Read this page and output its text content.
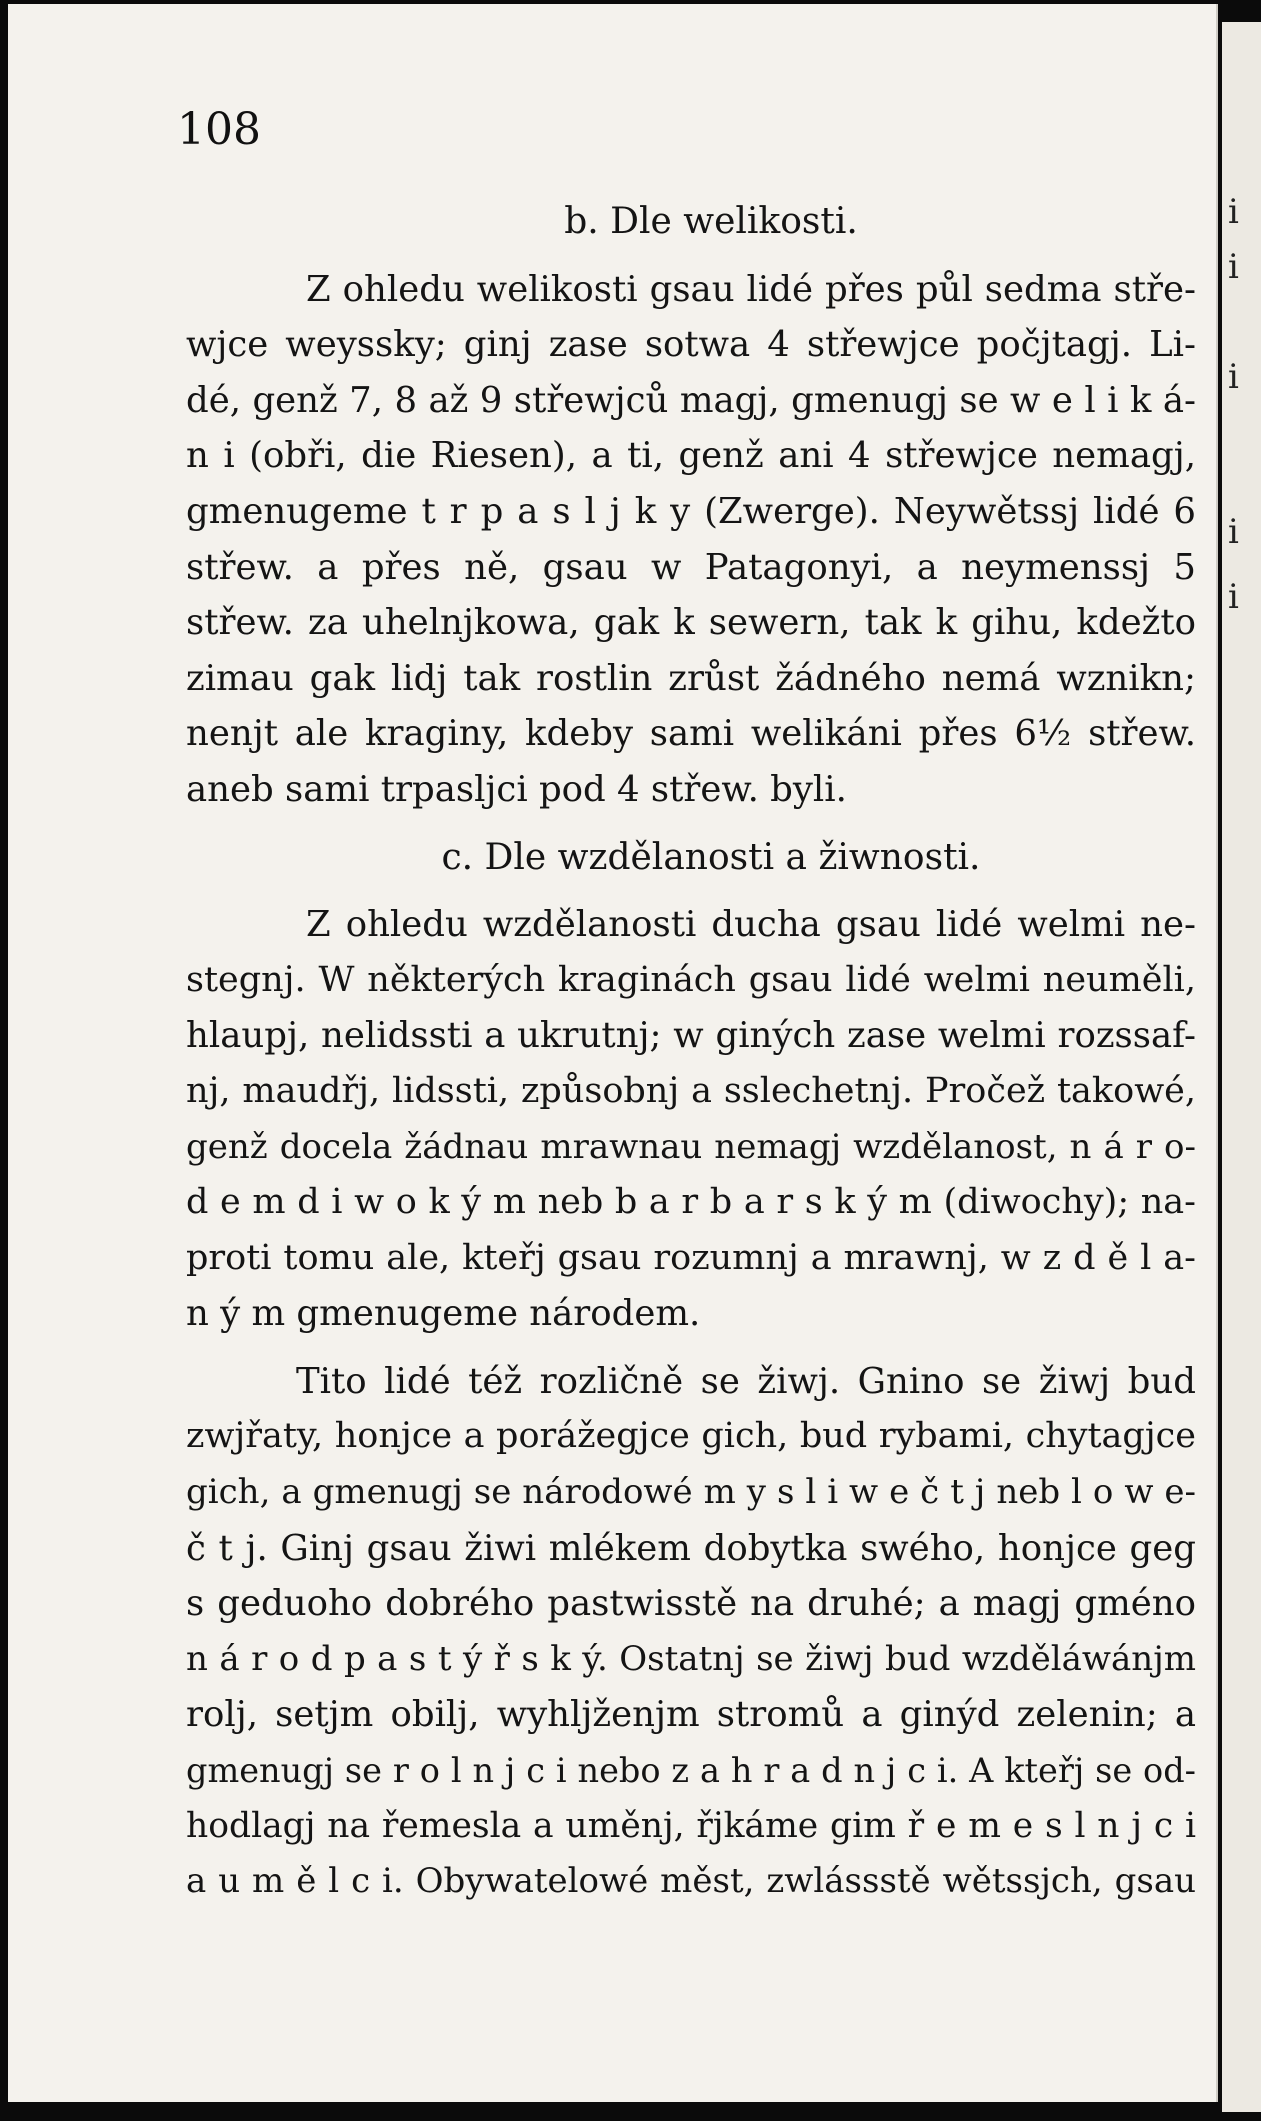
108
b. Dle welikosti.

Z ohledu welikosti gsau lidé přes půl sedma stře-

wjce weyssky; ginj zase sotwa 4 střewjce počjtagj. Li-

dé, genž 7, 8 až 9 střewjců magj, gmenugj se w e l i k á-

n i (obři, die Riesen), a ti, genž ani 4 střewjce nemagj,

gmenugeme t r p a s l j k y (Zwerge). Neywětssj lidé 6

střew. a přes ně, gsau w Patagonyi, a neymenssj 5

střew. za uhelnjkowa, gak k sewern, tak k gihu, kdežto

zimau gak lidj tak rostlin zrůst žádného nemá wznikn;

nenjt ale kraginy, kdeby sami welikáni přes 6½ střew.

aneb sami trpasljci pod 4 střew. byli.

c. Dle wzdělanosti a žiwnosti.

Z ohledu wzdělanosti ducha gsau lidé welmi ne-

stegnj. W některých kraginách gsau lidé welmi neuměli,

hlaupj, nelidssti a ukrutnj; w giných zase welmi rozssaf-

nj, maudřj, lidssti, způsobnj a sslechetnj. Pročež takowé,

genž docela žádnau mrawnau nemagj wzdělanost, n á r o-

d e m d i w o k ý m neb b a r b a r s k ý m (diwochy); na-

proti tomu ale, kteřj gsau rozumnj a mrawnj, w z d ě l a-

n ý m gmenugeme národem.

Tito lidé též rozličně se žiwj. Gnino se žiwj bud

zwjřaty, honjce a porážegjce gich, bud rybami, chytagjce

gich, a gmenugj se národowé m y s l i w e č t j neb l o w e-

č t j. Ginj gsau žiwi mlékem dobytka swého, honjce geg

s geduoho dobrého pastwisstě na druhé; a magj gméno

n á r o d p a s t ý ř s k ý. Ostatnj se žiwj bud wzděláwánjm

rolj, setjm obilj, wyhljženjm stromů a ginýd zelenin; a

gmenugj se r o l n j c i nebo z a h r a d n j c i. A kteřj se od-

hodlagj na řemesla a uměnj, řjkáme gim ř e m e s l n j c i

a u m ě l c i. Obywatelowé měst, zwlássstě wětssjch, gsau

i
i
i
i
i
